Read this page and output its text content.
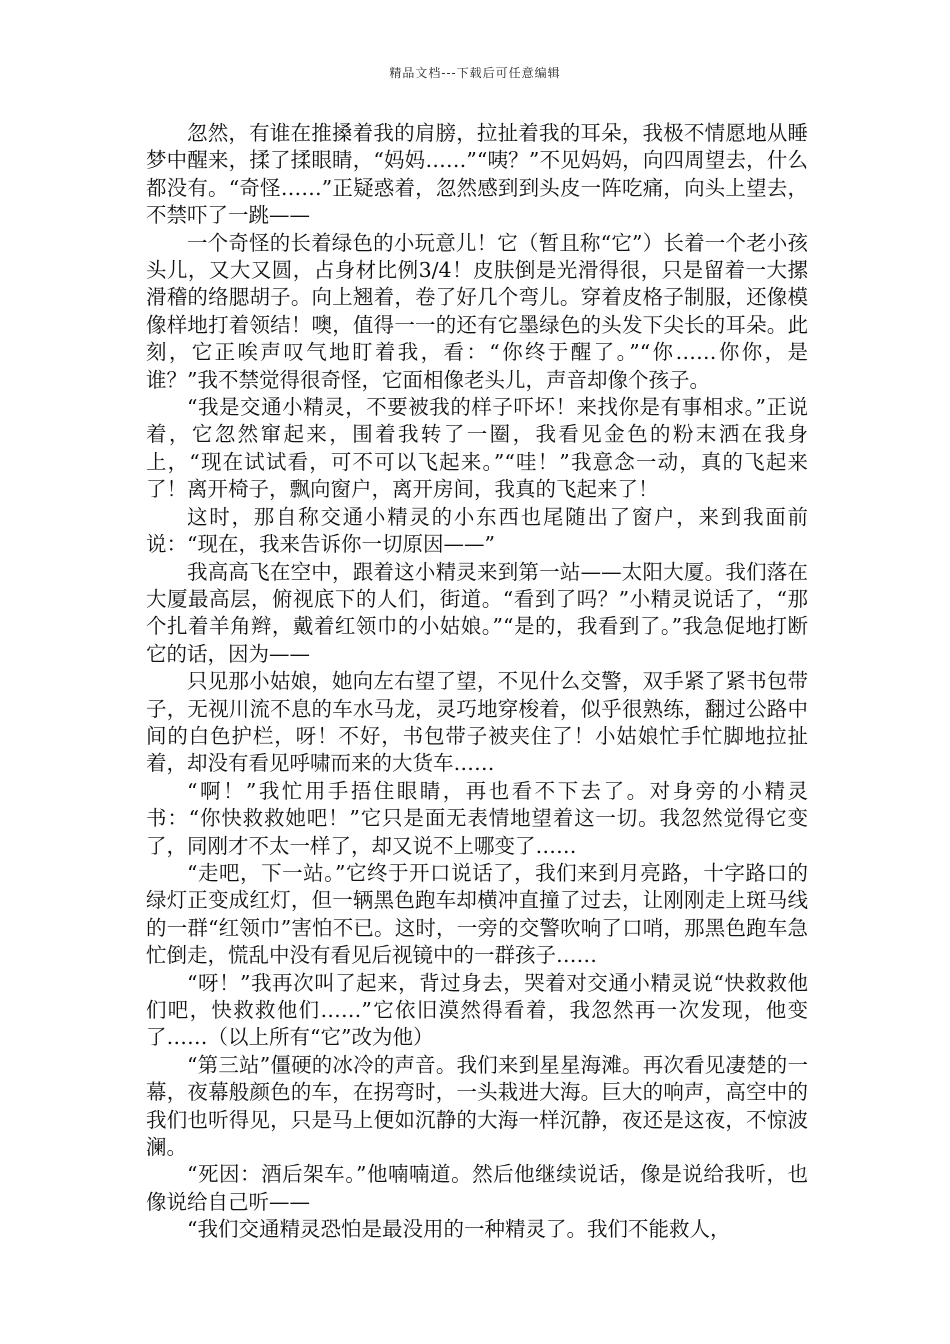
精品文档---下载后可任意编辑

忽然，有谁在推搡着我的肩膀，拉扯着我的耳朵，我极不情愿地从睡梦中醒来，揉了揉眼睛，“妈妈……”“咦？”不见妈妈，向四周望去，什么都没有。“奇怪……”正疑惑着，忽然感到到头皮一阵吃痛，向头上望去，不禁吓了一跳——

一个奇怪的长着绿色的小玩意儿！它（暂且称“它”）长着一个老小孩头儿，又大又圆，占身材比例3/4！皮肤倒是光滑得很，只是留着一大摞滑稽的络腮胡子。向上翘着，卷了好几个弯儿。穿着皮格子制服，还像模像样地打着领结！噢，值得一一的还有它墨绿色的头发下尖长的耳朵。此刻，它正唉声叹气地盯着我，看：“你终于醒了。”“你……你你，是谁？”我不禁觉得很奇怪，它面相像老头儿，声音却像个孩子。

“我是交通小精灵，不要被我的样子吓坏！来找你是有事相求。”正说着，它忽然窜起来，围着我转了一圈，我看见金色的粉末洒在我身上，“现在试试看，可不可以飞起来。”“哇！”我意念一动，真的飞起来了！离开椅子，飘向窗户，离开房间，我真的飞起来了！

这时，那自称交通小精灵的小东西也尾随出了窗户，来到我面前说：“现在，我来告诉你一切原因——”

我高高飞在空中，跟着这小精灵来到第一站——太阳大厦。我们落在大厦最高层，俯视底下的人们，街道。“看到了吗？”小精灵说话了，“那个扎着羊角辫，戴着红领巾的小姑娘。”“是的，我看到了。”我急促地打断它的话，因为——

只见那小姑娘，她向左右望了望，不见什么交警，双手紧了紧书包带子，无视川流不息的车水马龙，灵巧地穿梭着，似乎很熟练，翻过公路中间的白色护栏，呀！不好，书包带子被夹住了！小姑娘忙手忙脚地拉扯着，却没有看见呼啸而来的大货车……

“啊！”我忙用手捂住眼睛，再也看不下去了。对身旁的小精灵书：“你快救救她吧！”它只是面无表情地望着这一切。我忽然觉得它变了，同刚才不太一样了，却又说不上哪变了……

“走吧，下一站。”它终于开口说话了，我们来到月亮路，十字路口的绿灯正变成红灯，但一辆黑色跑车却横冲直撞了过去，让刚刚走上斑马线的一群“红领巾”害怕不已。这时，一旁的交警吹响了口哨，那黑色跑车急忙倒走，慌乱中没有看见后视镜中的一群孩子……

“呀！”我再次叫了起来，背过身去，哭着对交通小精灵说“快救救他们吧，快救救他们……”它依旧漠然得看着，我忽然再一次发现，他变了……（以上所有“它”改为他）

“第三站”僵硬的冰冷的声音。我们来到星星海滩。再次看见凄楚的一幕，夜幕般颜色的车，在拐弯时，一头栽进大海。巨大的响声，高空中的我们也听得见，只是马上便如沉静的大海一样沉静，夜还是这夜，不惊波澜。

“死因：酒后架车。”他喃喃道。然后他继续说话，像是说给我听，也像说给自己听——

“我们交通精灵恐怕是最没用的一种精灵了。我们不能救人，
